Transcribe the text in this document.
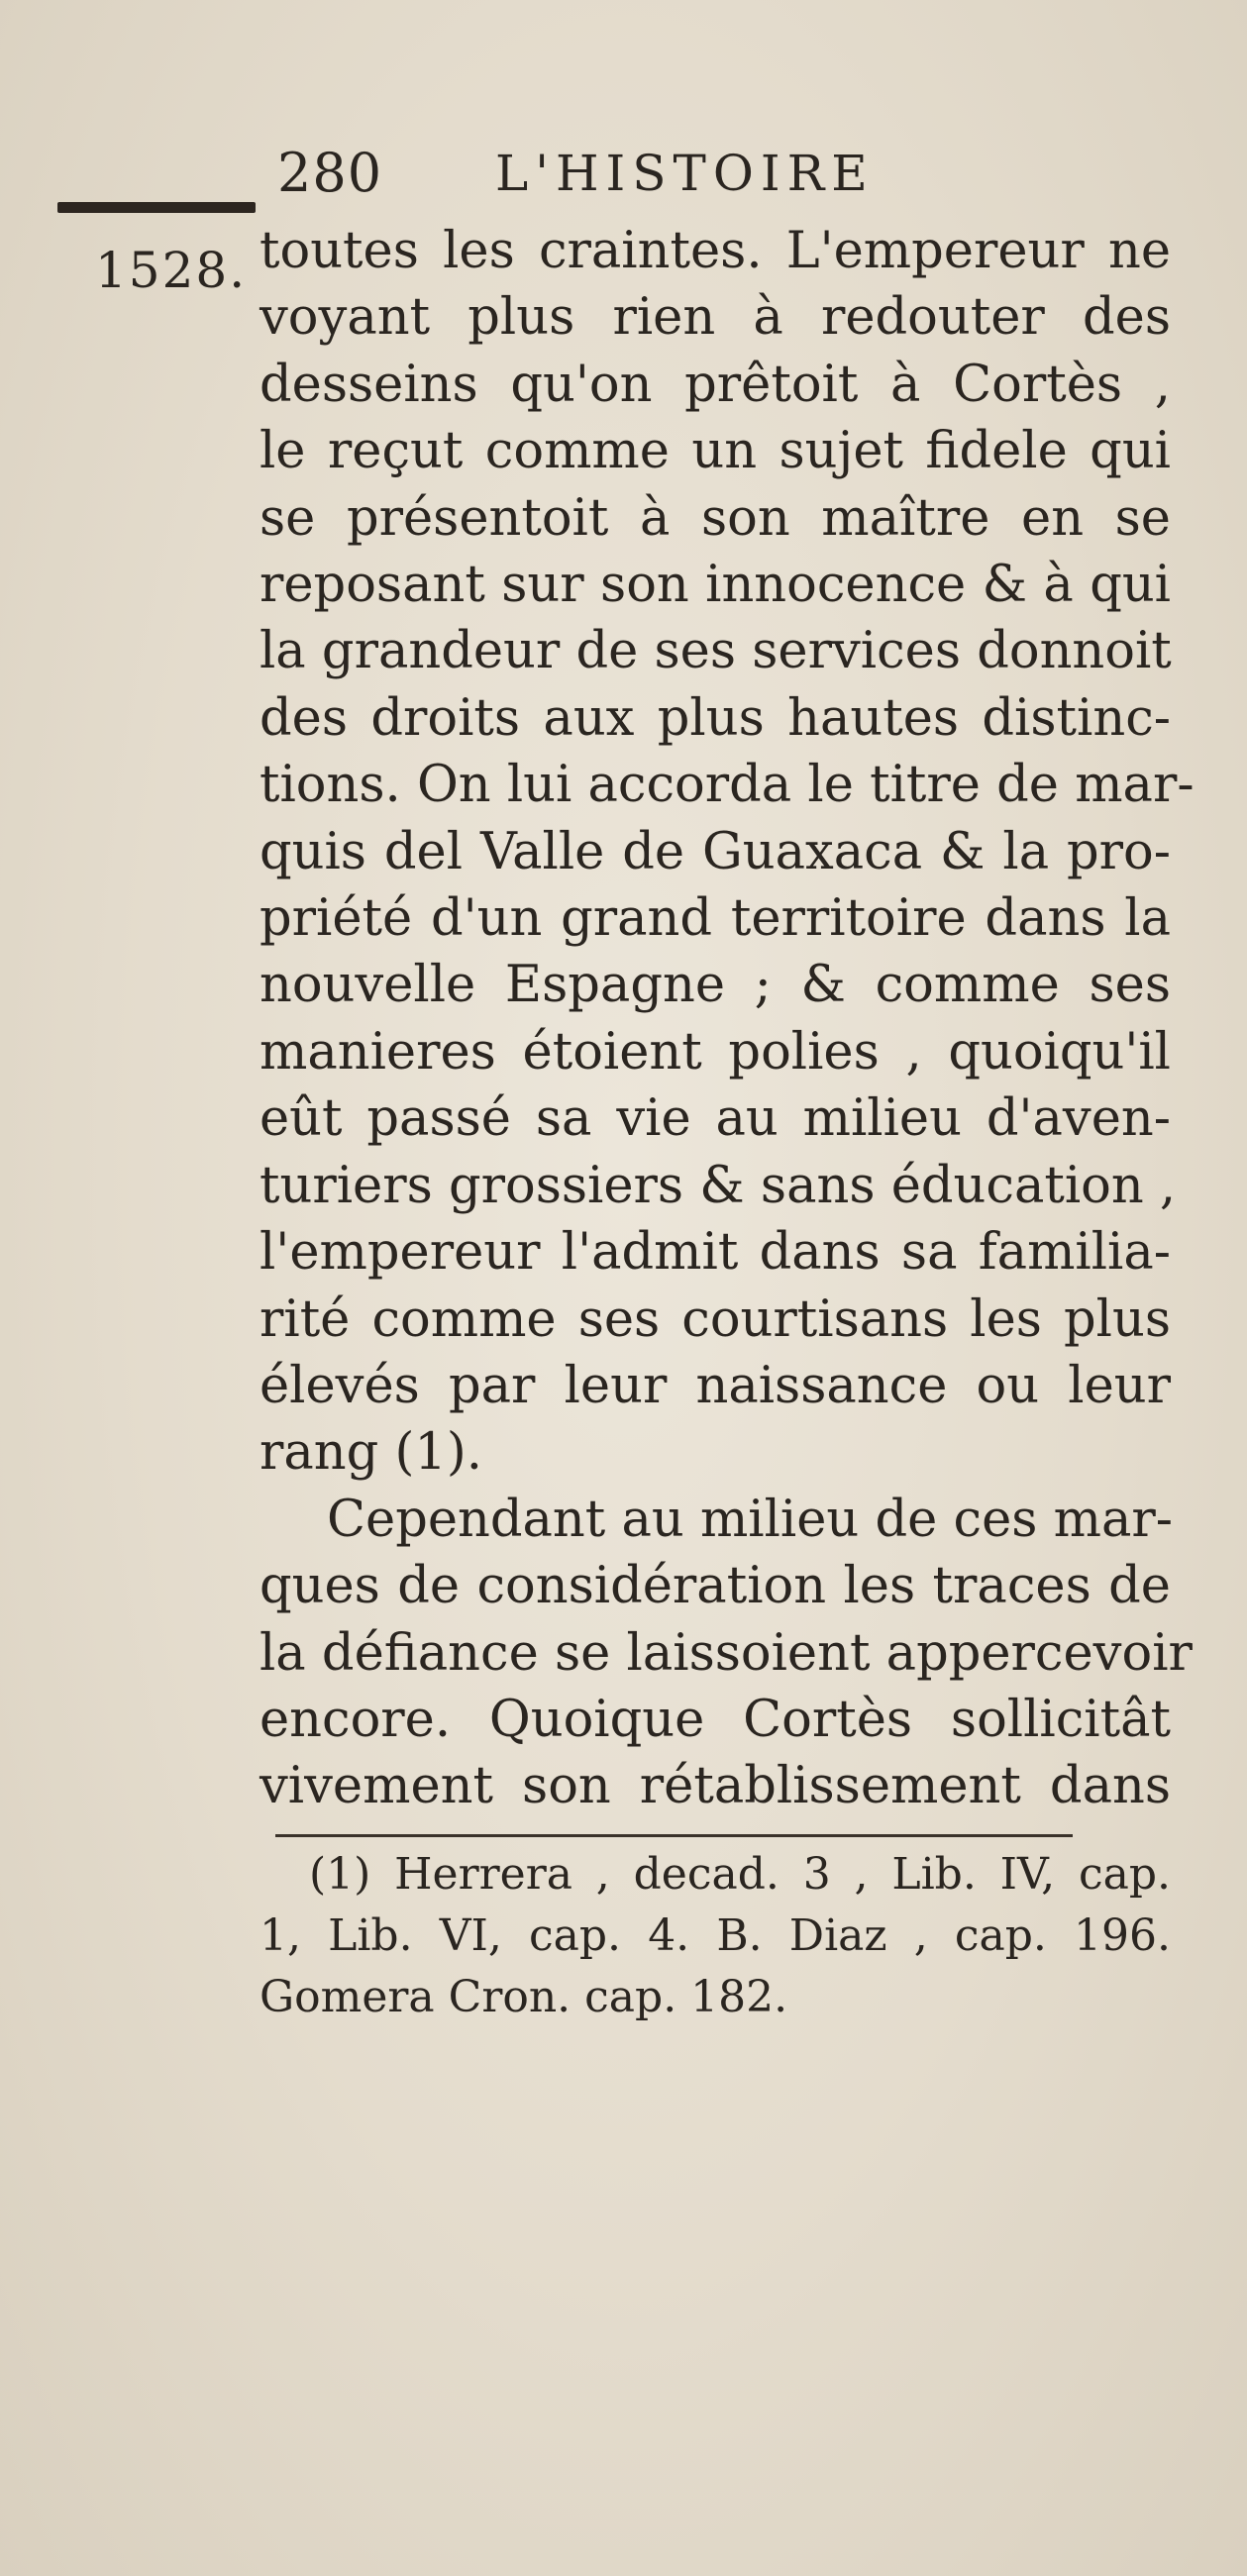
280 L'HISTOIRE
1528. toutes les craintes. L'empereur ne
voyant plus rien à redouter des
desseins qu'on prêtoit à Cortès ,
le reçut comme un sujet fidele qui
se présentoit à son maître en se
reposant sur son innocence & à qui
la grandeur de ses services donnoit
des droits aux plus hautes distinc-
tions. On lui accorda le titre de mar-
quis del Valle de Guaxaca & la pro-
priété d'un grand territoire dans la
nouvelle Espagne ; & comme ses
manieres étoient polies , quoiqu'il
eût passé sa vie au milieu d'aven-
turiers grossiers & sans éducation ,
l'empereur l'admit dans sa familia-
rité comme ses courtisans les plus
élevés par leur naissance ou leur
rang (1).
Cependant au milieu de ces mar-
ques de considération les traces de
la défiance se laissoient appercevoir
encore. Quoique Cortès sollicitât
vivement son rétablissement dans
(1) Herrera , decad. 3 , Lib. IV, cap.
1, Lib. VI, cap. 4. B. Diaz , cap. 196.
Gomera Cron. cap. 182.
